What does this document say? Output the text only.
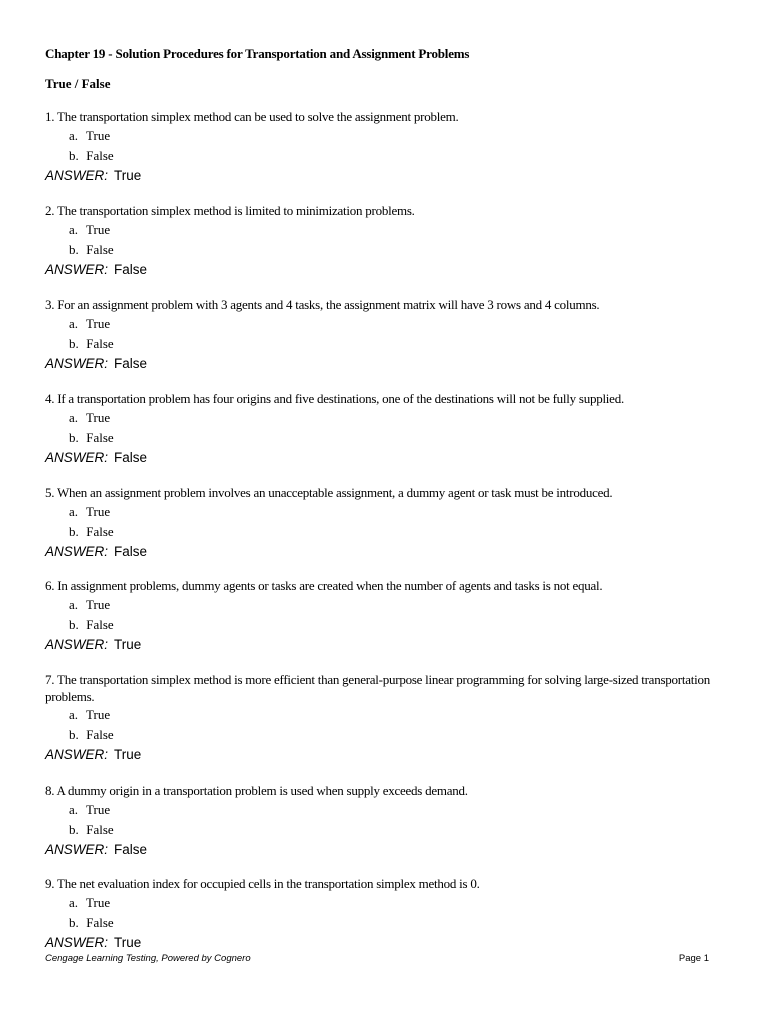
Chapter 19 - Solution Procedures for Transportation and Assignment Problems
True / False
1. The transportation simplex method can be used to solve the assignment problem.
a. True
b. False
ANSWER: True
2. The transportation simplex method is limited to minimization problems.
a. True
b. False
ANSWER: False
3. For an assignment problem with 3 agents and 4 tasks, the assignment matrix will have 3 rows and 4 columns.
a. True
b. False
ANSWER: False
4. If a transportation problem has four origins and five destinations, one of the destinations will not be fully supplied.
a. True
b. False
ANSWER: False
5. When an assignment problem involves an unacceptable assignment, a dummy agent or task must be introduced.
a. True
b. False
ANSWER: False
6. In assignment problems, dummy agents or tasks are created when the number of agents and tasks is not equal.
a. True
b. False
ANSWER: True
7. The transportation simplex method is more efficient than general-purpose linear programming for solving large-sized transportation problems.
a. True
b. False
ANSWER: True
8. A dummy origin in a transportation problem is used when supply exceeds demand.
a. True
b. False
ANSWER: False
9. The net evaluation index for occupied cells in the transportation simplex method is 0.
a. True
b. False
ANSWER: True
Cengage Learning Testing, Powered by Cognero	Page 1
